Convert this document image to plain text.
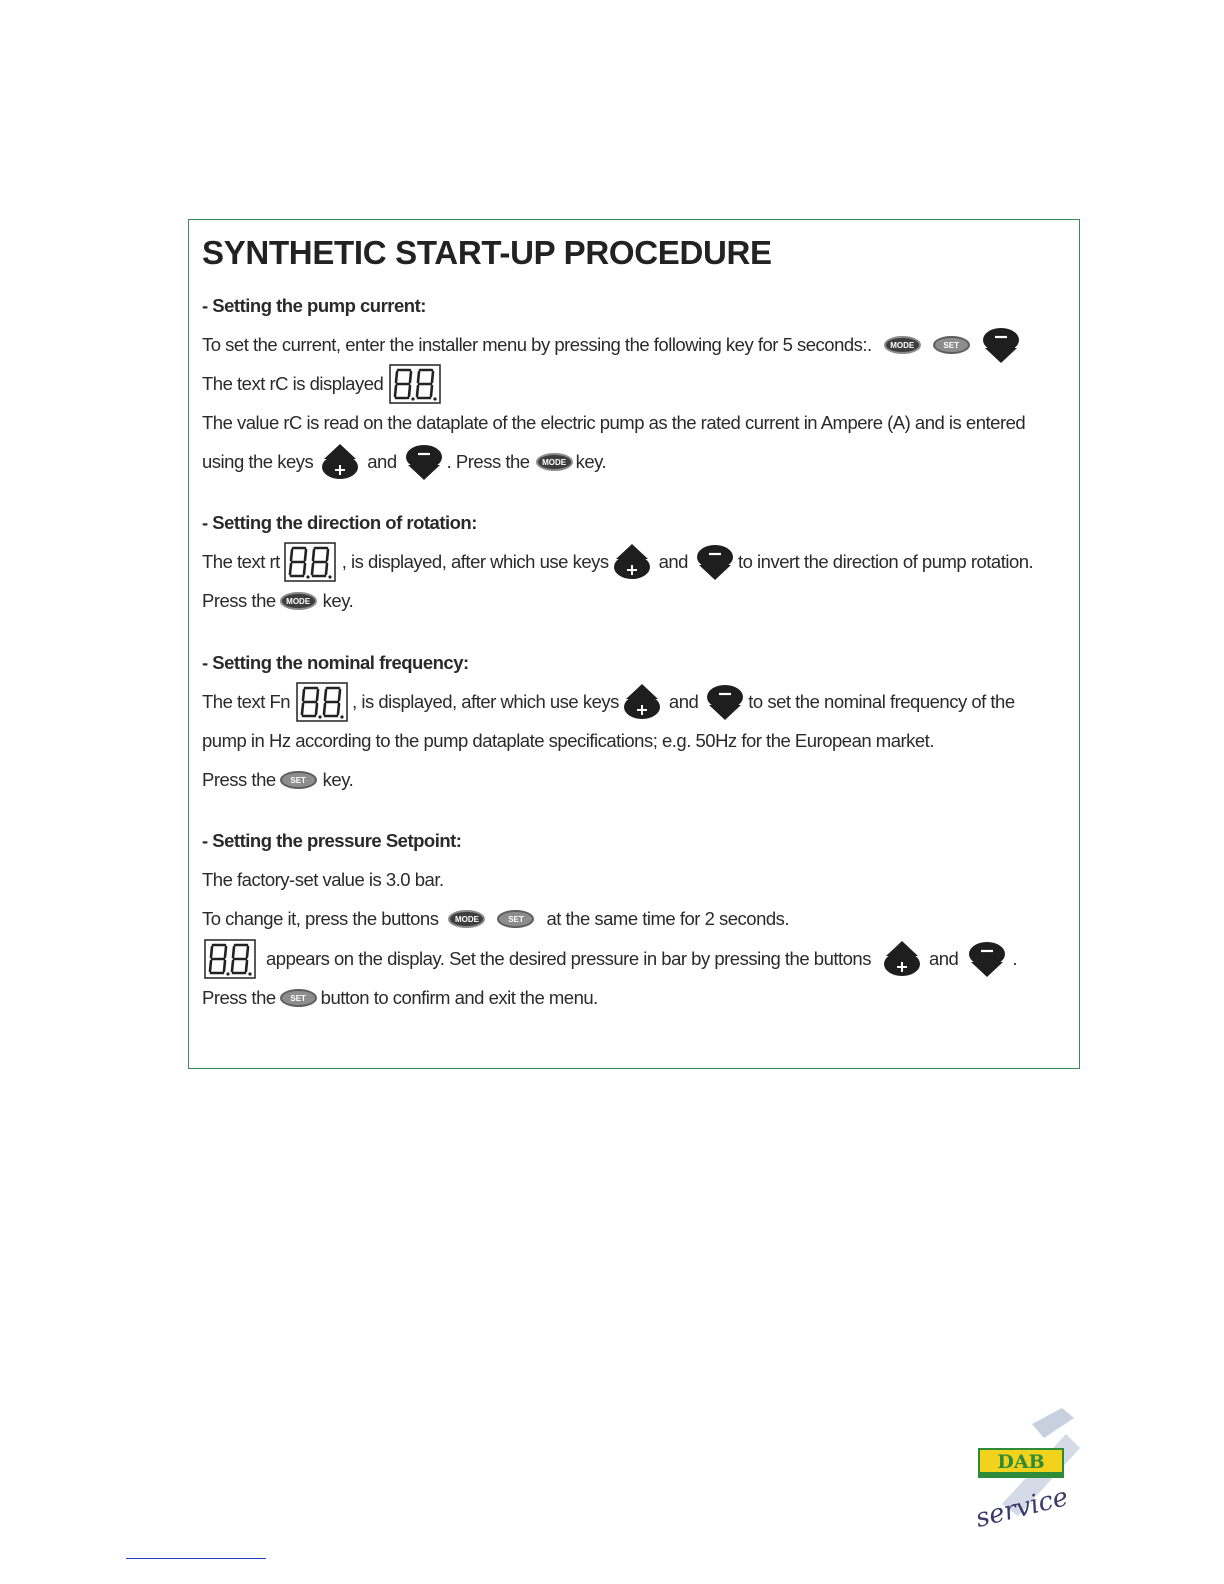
SYNTHETIC START-UP PROCEDURE
- Setting the pump current:
To set the current, enter the installer menu by pressing the following key for 5 seconds:.	MODE	SET
The text rC is displayed
The value rC is read on the dataplate of the electric pump as the rated current in Ampere (A) and is entered
using the keys	and	. Press the	MODE key.
- Setting the direction of rotation:
The text rt	, is displayed, after which use keys	and	to invert the direction of pump rotation.
Press the	MODE key.
- Setting the nominal frequency:
The text Fn	, is displayed, after which use keys	and	to set the nominal frequency of the
pump in Hz according to the pump dataplate specifications; e.g. 50Hz for the European market.
Press the	SET key.
- Setting the pressure Setpoint:
The factory-set value is 3.0 bar.
To change it, press the buttons	MODE	SET	at the same time for 2 seconds.
appears on the display. Set the desired pressure in bar by pressing the buttons	and	.
Press the	SET button to confirm and exit the menu.
DAB
service
